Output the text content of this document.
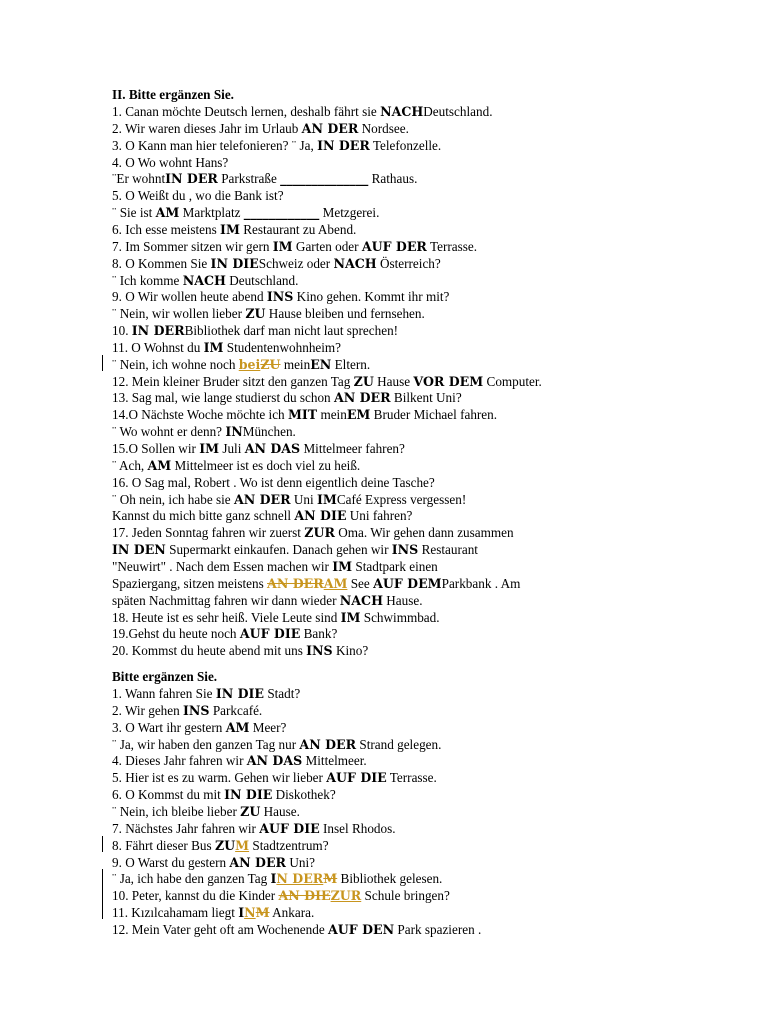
II. Bitte ergänzen Sie.
1. Canan möchte Deutsch lernen, deshalb fährt sie NACHDeutschland.
2. Wir waren dieses Jahr im Urlaub AN DER Nordsee.
3. O Kann man hier telefonieren? ¨ Ja, IN DER Telefonzelle.
4. O Wo wohnt Hans?
¨Er wohntIN DER Parkstraße ______________ Rathaus.
5. O Weißt du , wo die Bank ist?
¨ Sie ist AM Marktplatz ____________ Metzgerei.
6. Ich esse meistens IM Restaurant zu Abend.
7. Im Sommer sitzen wir gern IM Garten oder AUF DER Terrasse.
8. O Kommen Sie IN DIESchweiz oder NACH Österreich?
¨ Ich komme NACH Deutschland.
9. O Wir wollen heute abend INS Kino gehen. Kommt ihr mit?
¨ Nein, wir wollen lieber ZU Hause bleiben und fernsehen.
10. IN DERBibliothek darf man nicht laut sprechen!
11. O Wohnst du IM Studentenwohnheim?
¨ Nein, ich wohne noch beiZU meinEN Eltern.
12. Mein kleiner Bruder sitzt den ganzen Tag ZU Hause VOR DEM Computer.
13. Sag mal, wie lange studierst du schon AN DER Bilkent Uni?
14.O Nächste Woche möchte ich MIT meinEM Bruder Michael fahren.
¨ Wo wohnt er denn? INMünchen.
15.O Sollen wir IM Juli AN DAS Mittelmeer fahren?
¨ Ach, AM Mittelmeer ist es doch viel zu heiß.
16. O Sag mal, Robert . Wo ist denn eigentlich deine Tasche?
¨ Oh nein, ich habe sie AN DER Uni IMCafé Express vergessen!
Kannst du mich bitte ganz schnell AN DIE Uni fahren?
17. Jeden Sonntag fahren wir zuerst ZUR Oma. Wir gehen dann zusammen
IN DEN Supermarkt einkaufen. Danach gehen wir INS Restaurant
"Neuwirt" . Nach dem Essen machen wir IM Stadtpark einen
Spaziergang, sitzen meistens AN DERAM See AUF DEMParkbank . Am
späten Nachmittag fahren wir dann wieder NACH Hause.
18. Heute ist es sehr heiß. Viele Leute sind IM Schwimmbad.
19.Gehst du heute noch AUF DIE Bank?
20. Kommst du heute abend mit uns INS Kino?
Bitte ergänzen Sie.
1. Wann fahren Sie IN DIE Stadt?
2. Wir gehen INS Parkcafé.
3. O Wart ihr gestern AM Meer?
¨ Ja, wir haben den ganzen Tag nur AN DER Strand gelegen.
4. Dieses Jahr fahren wir AN DAS Mittelmeer.
5. Hier ist es zu warm. Gehen wir lieber AUF DIE Terrasse.
6. O Kommst du mit IN DIE Diskothek?
¨ Nein, ich bleibe lieber ZU Hause.
7. Nächstes Jahr fahren wir AUF DIE Insel Rhodos.
8. Fährt dieser Bus ZUM Stadtzentrum?
9. O Warst du gestern AN DER Uni?
¨ Ja, ich habe den ganzen Tag IN DERM Bibliothek gelesen.
10. Peter, kannst du die Kinder AN DIEZUR Schule bringen?
11. Kızılcahamam liegt INM Ankara.
12. Mein Vater geht oft am Wochenende AUF DEN Park spazieren .
